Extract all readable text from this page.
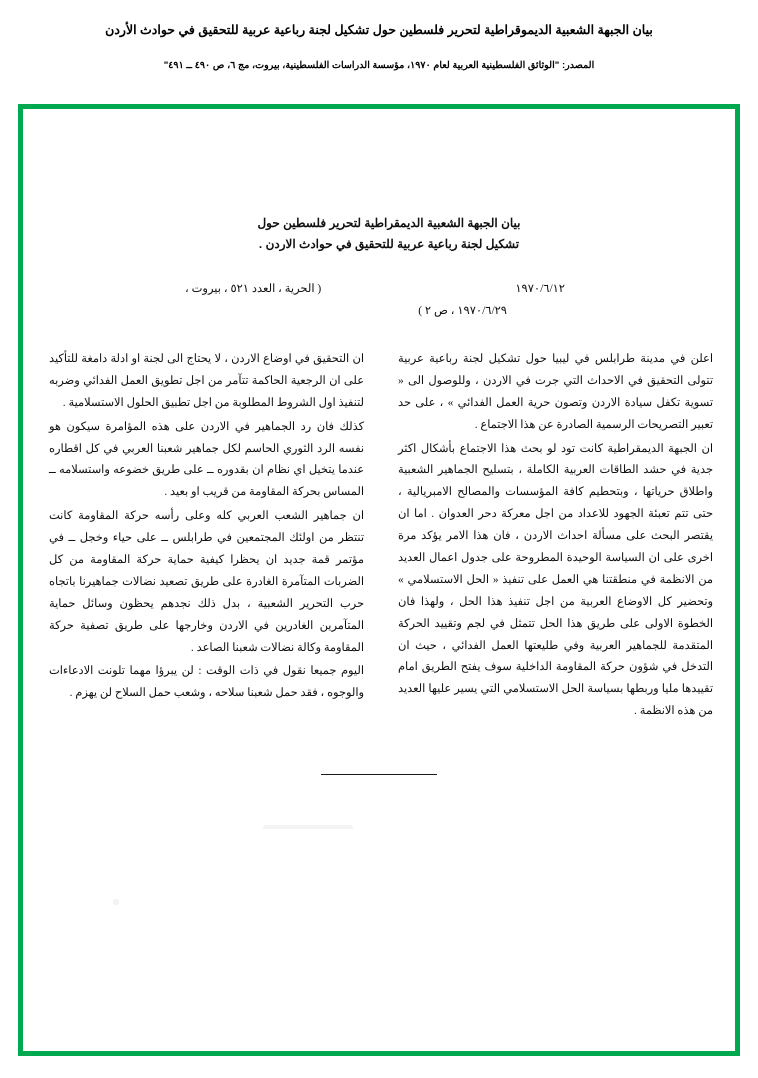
بيان الجبهة الشعبية الديموقراطية لتحرير فلسطين حول تشكيل لجنة رباعية عربية للتحقيق في حوادث الأردن
المصدر: "الوثائق الفلسطينية العربية لعام ١٩٧٠، مؤسسة الدراسات الفلسطينية، بيروت، مج ٦، ص ٤٩٠ ــ ٤٩١"
بيان الجبهة الشعبية الديمقراطية لتحرير فلسطين حول
تشكيل لجنة رباعية عربية للتحقيق في حوادث الاردن .
١٩٧٠/٦/١٢
( الحرية ، العدد ٥٢١ ، بيروت ،
١٩٧٠/٦/٢٩ ، ص ٢ )

اعلن في مدينة طرابلس في ليبيا حول تشكيل لجنة رباعية عربية تتولى التحقيق في الاحداث التي جرت في الاردن ، وللوصول الى « تسوية تكفل سيادة الاردن وتصون حرية العمل الفدائي » ، على حد تعبير التصريحات الرسمية الصادرة عن هذا الاجتماع .

ان الجبهة الديمقراطية كانت تود لو بحث هذا الاجتماع بأشكال اكثر جدية في حشد الطاقات العربية الكاملة ، بتسليح الجماهير الشعبية واطلاق حرياتها ، وبتحطيم كافة المؤسسات والمصالح الامبريالية ، حتى تتم تعبئة الجهود للاعداد من اجل معركة دحر العدوان . اما ان يقتصر البحث على مسألة احداث الاردن ، فان هذا الامر يؤكد مرة اخرى على ان السياسة الوحيدة المطروحة على جدول اعمال العديد من الانظمة في منطقتنا هي العمل على تنفيذ « الحل الاستسلامي » وتحضير كل الاوضاع العربية من اجل تنفيذ هذا الحل ، ولهذا فان الخطوة الاولى على طريق هذا الحل تتمثل في لجم وتقييد الحركة المتقدمة للجماهير العربية وفي طليعتها العمل الفدائي ، حيث ان التدخل في شؤون حركة المقاومة الداخلية سوف يفتح الطريق امام تقييدها مليا وربطها بسياسة الحل الاستسلامي التي يسير عليها العديد من هذه الانظمة .

ان التحقيق في اوضاع الاردن ، لا يحتاج الى لجنة او ادلة دامغة للتأكيد على ان الرجعية الحاكمة تتآمر من اجل تطويق العمل الفدائي وضربه لتنفيذ اول الشروط المطلوبة من اجل تطبيق الحلول الاستسلامية .

كذلك فان رد الجماهير في الاردن على هذه المؤامرة سيكون هو نفسه الرد الثوري الحاسم لكل جماهير شعبنا العربي في كل اقطاره عندما يتخيل اي نظام ان بقدوره ــ على طريق خضوعه واستسلامه ــ المساس بحركة المقاومة من قريب او بعيد .

ان جماهير الشعب العربي كله وعلى رأسه حركة المقاومة كانت تنتظر من اولئك المجتمعين في طرابلس ــ على حياء وخجل ــ في مؤتمر قمة جديد ان يحظرا كيفية حماية حركة المقاومة من كل الضربات المتآمرة الغادرة على طريق تصعيد نضالات جماهيرنا باتجاه حرب التحرير الشعبية ، بدل ذلك نجدهم يحظون وسائل حماية المتآمرين الغادرين في الاردن وخارجها على طريق تصفية حركة المقاومة وكالة نضالات شعبنا الصاعد .

اليوم جميعا نقول في ذات الوقت : لن يبرؤا مهما تلونت الادعاءات والوجوه ، فقد حمل شعبنا سلاحه ، وشعب حمل السلاح لن يهزم .
